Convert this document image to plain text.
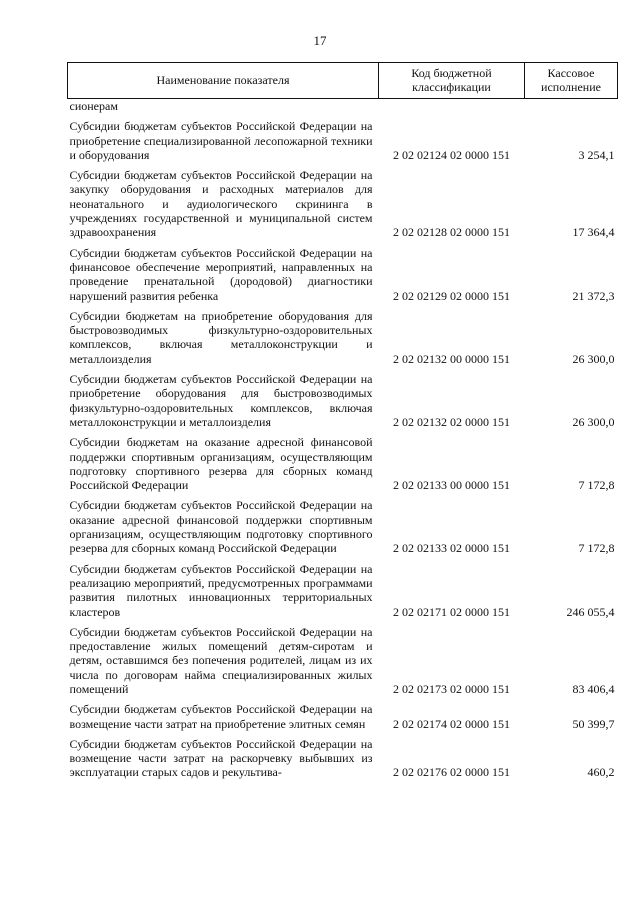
17
Наименование показателя	Код бюджетной классификации	Кассовое исполнение
сионерам		
Субсидии бюджетам субъектов Российской Федерации на приобретение специализированной лесопожарной техники и оборудования	2 02 02124 02 0000 151	3 254,1
Субсидии бюджетам субъектов Российской Федерации на закупку оборудования и расходных материалов для неонатального и аудиологического скрининга в учреждениях государственной и муниципальной систем здравоохранения	2 02 02128 02 0000 151	17 364,4
Субсидии бюджетам субъектов Российской Федерации на финансовое обеспечение мероприятий, направленных на проведение пренатальной (дородовой) диагностики нарушений развития ребенка	2 02 02129 02 0000 151	21 372,3
Субсидии бюджетам на приобретение оборудования для быстровозводимых физкультурно-оздоровительных комплексов, включая металлоконструкции и металлоизделия	2 02 02132 00 0000 151	26 300,0
Субсидии бюджетам субъектов Российской Федерации на приобретение оборудования для быстровозводимых физкультурно-оздоровительных комплексов, включая металлоконструкции и металлоизделия	2 02 02132 02 0000 151	26 300,0
Субсидии бюджетам на оказание адресной финансовой поддержки спортивным организациям, осуществляющим подготовку спортивного резерва для сборных команд Российской Федерации	2 02 02133 00 0000 151	7 172,8
Субсидии бюджетам субъектов Российской Федерации на оказание адресной финансовой поддержки спортивным организациям, осуществляющим подготовку спортивного резерва для сборных команд Российской Федерации	2 02 02133 02 0000 151	7 172,8
Субсидии бюджетам субъектов Российской Федерации на реализацию мероприятий, предусмотренных программами развития пилотных инновационных территориальных кластеров	2 02 02171 02 0000 151	246 055,4
Субсидии бюджетам субъектов Российской Федерации на предоставление жилых помещений детям-сиротам и детям, оставшимся без попечения родителей, лицам из их числа по договорам найма специализированных жилых помещений	2 02 02173 02 0000 151	83 406,4
Субсидии бюджетам субъектов Российской Федерации на возмещение части затрат на приобретение элитных семян	2 02 02174 02 0000 151	50 399,7
Субсидии бюджетам субъектов Российской Федерации на возмещение части затрат на раскорчевку выбывших из эксплуатации старых садов и рекультива-	2 02 02176 02 0000 151	460,2
